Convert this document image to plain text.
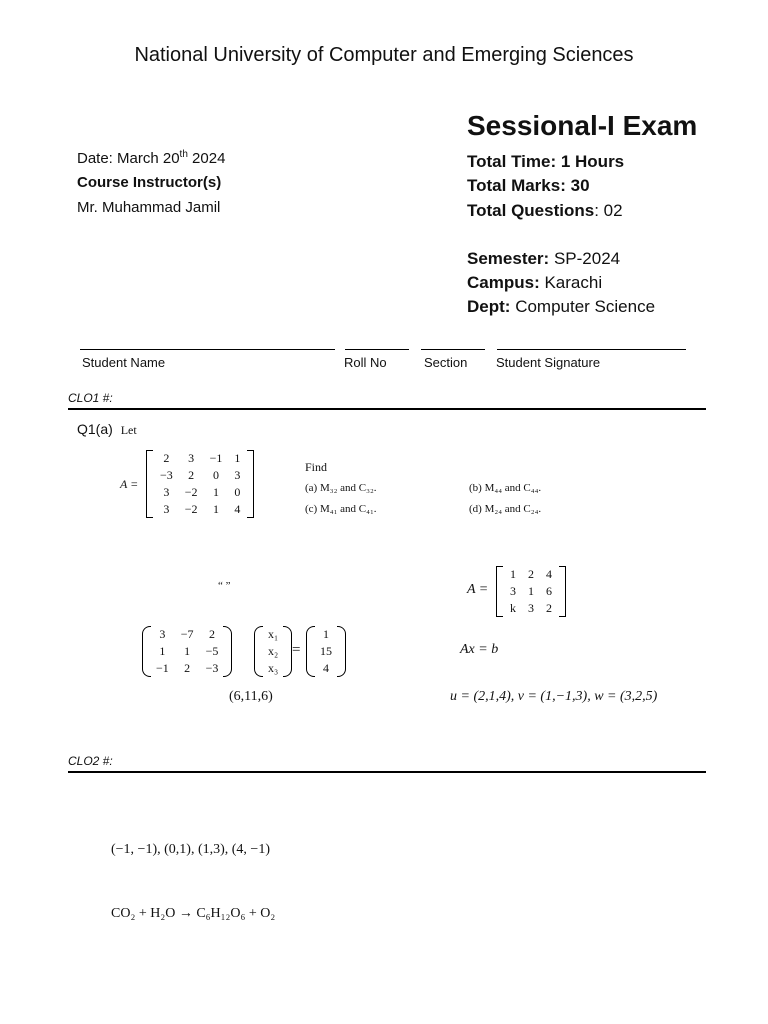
National University of Computer and Emerging Sciences
Sessional-I Exam
Date: March 20th 2024
Course Instructor(s)
Mr. Muhammad Jamil
Total Time: 1 Hours
Total Marks: 30
Total Questions: 02
Semester: SP-2024
Campus: Karachi
Dept: Computer Science
Student Name	Roll No	Section Student Signature
CLO1 #:
Q1(a) Let
A =
2	3	−1	1
−3	2	0	3
3	−2	1	0
3	−2	1	4
Find
(a) M₃₂ and C₃₂.	(b) M₄₄ and C₄₄.
(c) M₄₁ and C₄₁.	(d) M₂₄ and C₂₄.
“ ”	A =
1	2	4
3	1	6
k	3	2
3	−7	2
1	1	−5
−1	2	−3
x₁
x₂
x₃
=
1
15
4
Ax = b
(6,11,6)	u = (2,1,4), v = (1,−1,3), w = (3,2,5)
CLO2 #:
(−1, −1), (0,1), (1,3), (4, −1)
CO₂ + H₂O → C₆H₁₂O₆ + O₂
